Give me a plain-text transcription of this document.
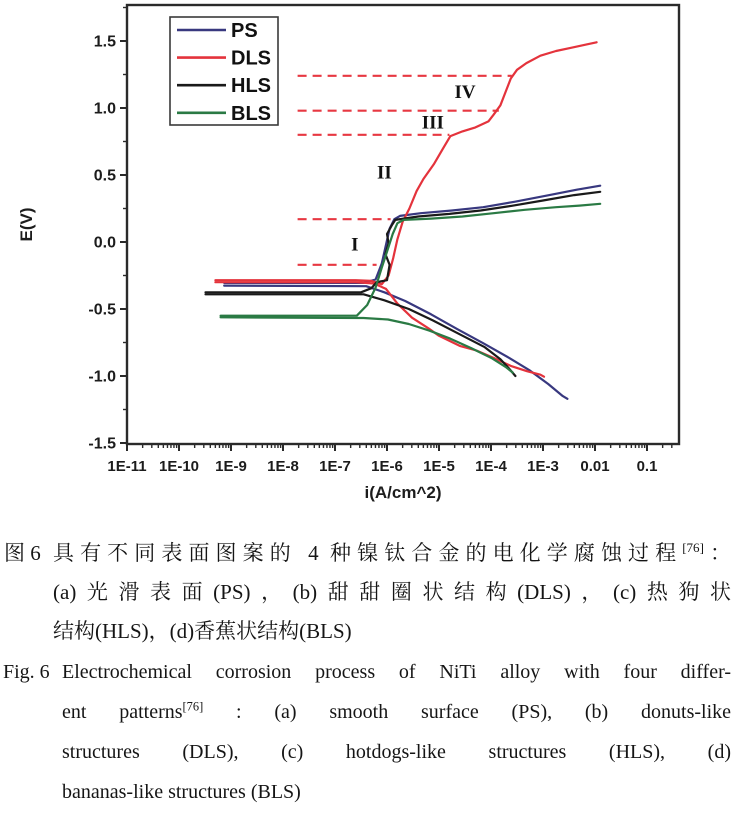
1E-11 1E-10 1E-9 1E-8 1E-7 1E-6 1E-5 1E-4 1E-3 0.01 0.1
1.5
1.0
0.5
0.0
-0.5
-1.0
-1.5
i(A/cm^2)
E(V)
I
II
III
IV
PS
DLS
HLS
BLS
图 6 具有不同表面图案的 4 种镍钛合金的电化学腐蚀过程[76]：
(a)光滑表面(PS)，(b)甜甜圈状结构(DLS)，(c)热狗状
结构(HLS)，(d)香蕉状结构(BLS)
Fig. 6 Electrochemical corrosion process of NiTi alloy with four differ-
ent patterns[76] : (a) smooth surface (PS), (b) donuts-like
structures (DLS), (c) hotdogs-like structures (HLS), (d)
bananas-like structures (BLS)
